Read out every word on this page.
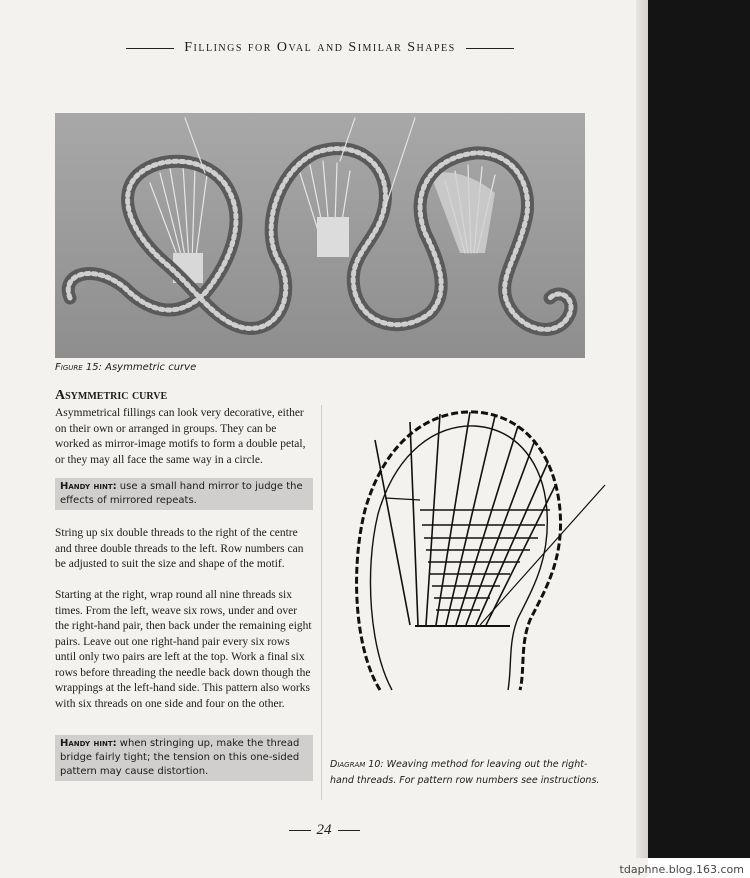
tdaphne.blog.163.com
Fillings for Oval and Similar Shapes
Figure 15: Asymmetric curve
Asymmetric curve

Asymmetrical fillings can look very decorative, either on their own or arranged in groups. They can be worked as mirror-image motifs to form a double petal, or they may all face the same way in a circle.

Handy hint: use a small hand mirror to judge the effects of mirrored repeats.

String up six double threads to the right of the centre and three double threads to the left. Row numbers can be adjusted to suit the size and shape of the motif.

Starting at the right, wrap round all nine threads six times. From the left, weave six rows, under and over the right-hand pair, then back under the remaining eight pairs. Leave out one right-hand pair every six rows until only two pairs are left at the top. Work a final six rows before threading the needle back down though the wrappings at the left-hand side. This pattern also works with six threads on one side and four on the other.

Handy hint: when stringing up, make the thread bridge fairly tight; the tension on this one-sided pattern may cause distortion.
Diagram 10: Weaving method for leaving out the right-hand threads. For pattern row numbers see instructions.
24
